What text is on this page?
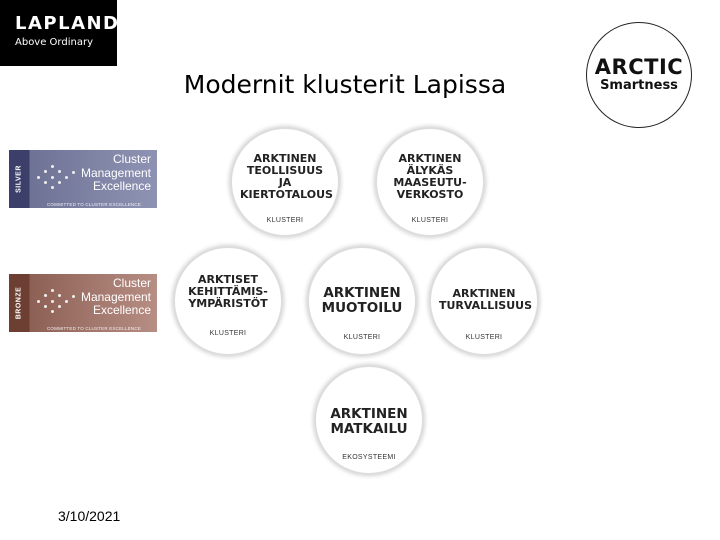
LAPLAND
Above Ordinary
Modernit klusterit Lapissa
ARCTIC
Smartness
SILVER
Cluster
Management
Excellence
COMMITTED TO CLUSTER EXCELLENCE
BRONZE
Cluster
Management
Excellence
COMMITTED TO CLUSTER EXCELLENCE
ARKTINEN
TEOLLISUUS
JA
KIERTOTALOUS
KLUSTERI
ARKTINEN
ÄLYKÄS
MAASEUTU-
VERKOSTO
KLUSTERI
ARKTISET
KEHITTÄMIS-
YMPÄRISTÖT
KLUSTERI
ARKTINEN
MUOTOILU
KLUSTERI
ARKTINEN
TURVALLISUUS
KLUSTERI
ARKTINEN
MATKAILU
EKOSYSTEEMI
3/10/2021
